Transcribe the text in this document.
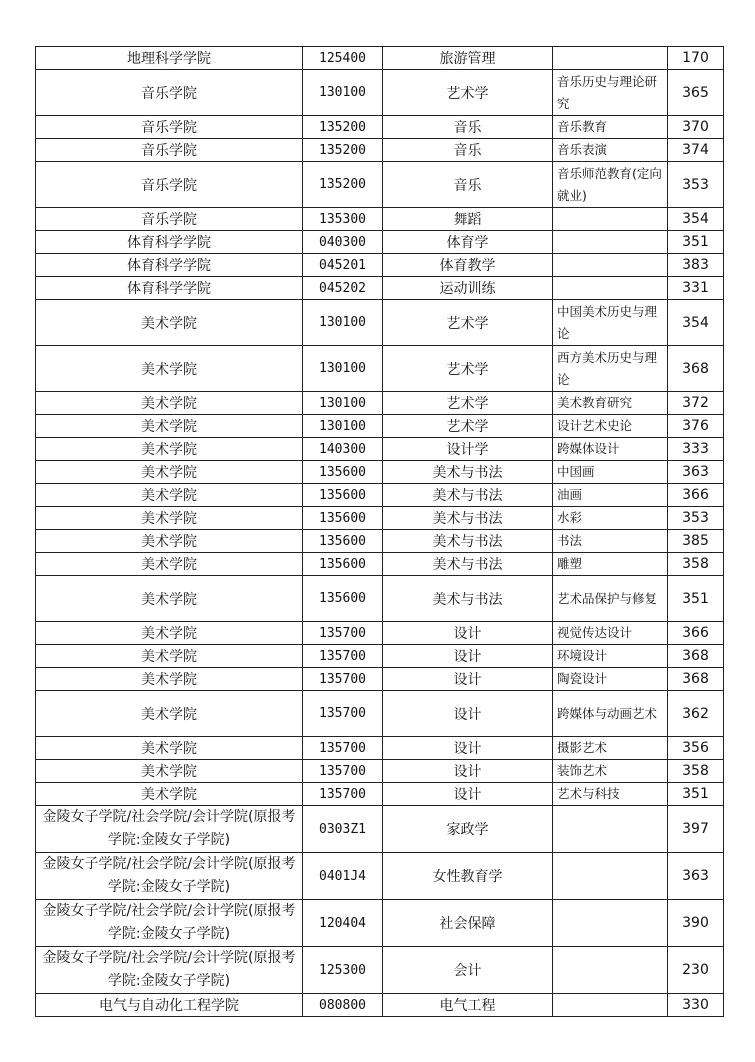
地理科学学院	125400	旅游管理		170
音乐学院	130100	艺术学	音乐历史与理论研究	365
音乐学院	135200	音乐	音乐教育	370
音乐学院	135200	音乐	音乐表演	374
音乐学院	135200	音乐	音乐师范教育(定向就业)	353
音乐学院	135300	舞蹈		354
体育科学学院	040300	体育学		351
体育科学学院	045201	体育教学		383
体育科学学院	045202	运动训练		331
美术学院	130100	艺术学	中国美术历史与理论	354
美术学院	130100	艺术学	西方美术历史与理论	368
美术学院	130100	艺术学	美术教育研究	372
美术学院	130100	艺术学	设计艺术史论	376
美术学院	140300	设计学	跨媒体设计	333
美术学院	135600	美术与书法	中国画	363
美术学院	135600	美术与书法	油画	366
美术学院	135600	美术与书法	水彩	353
美术学院	135600	美术与书法	书法	385
美术学院	135600	美术与书法	雕塑	358
美术学院	135600	美术与书法	艺术品保护与修复	351
美术学院	135700	设计	视觉传达设计	366
美术学院	135700	设计	环境设计	368
美术学院	135700	设计	陶瓷设计	368
美术学院	135700	设计	跨媒体与动画艺术	362
美术学院	135700	设计	摄影艺术	356
美术学院	135700	设计	装饰艺术	358
美术学院	135700	设计	艺术与科技	351
金陵女子学院/社会学院/会计学院(原报考学院:金陵女子学院)	0303Z1	家政学		397
金陵女子学院/社会学院/会计学院(原报考学院:金陵女子学院)	0401J4	女性教育学		363
金陵女子学院/社会学院/会计学院(原报考学院:金陵女子学院)	120404	社会保障		390
金陵女子学院/社会学院/会计学院(原报考学院:金陵女子学院)	125300	会计		230
电气与自动化工程学院	080800	电气工程		330
